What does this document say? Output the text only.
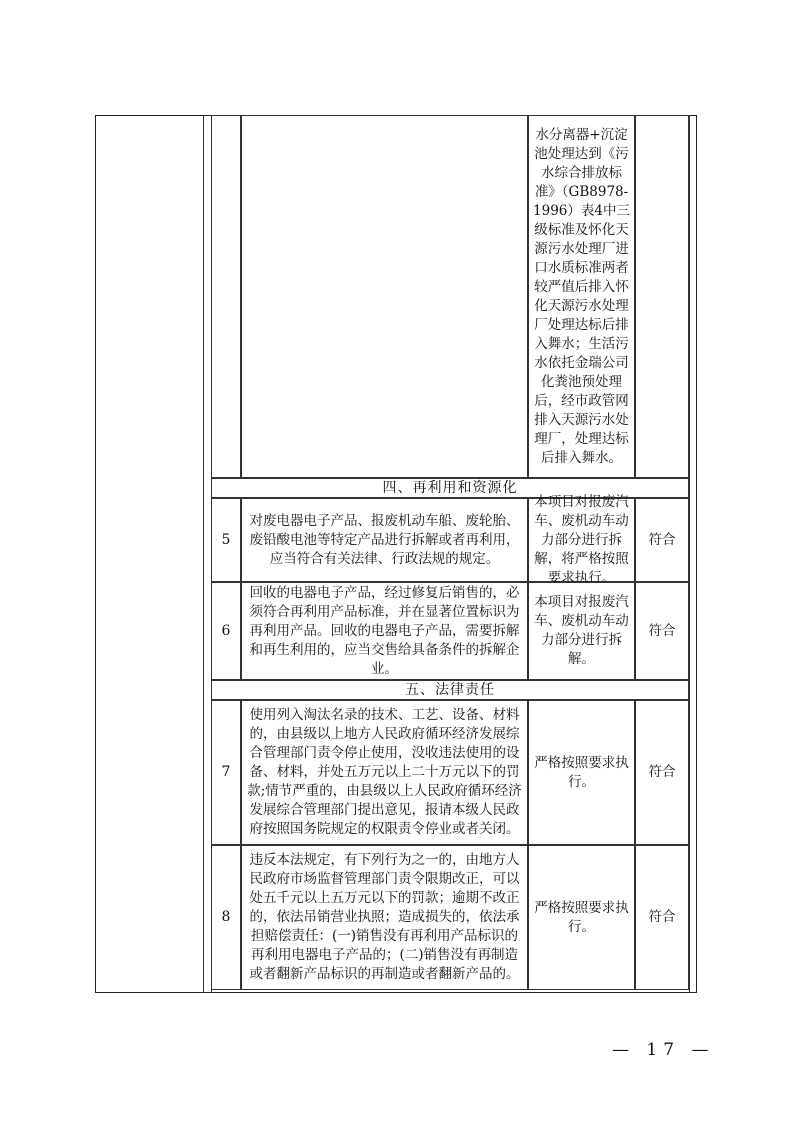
水分离器+沉淀池处理达到《污水综合排放标准》（GB8978-1996）表4中三级标准及怀化天源污水处理厂进口水质标准两者较严值后排入怀化天源污水处理厂处理达标后排入舞水；生活污水依托金瑞公司化粪池预处理后，经市政管网排入天源污水处理厂，处理达标后排入舞水。
四、再利用和资源化
5
对废电器电子产品、报废机动车船、废轮胎、废铅酸电池等特定产品进行拆解或者再利用，应当符合有关法律、行政法规的规定。
本项目对报废汽车、废机动车动力部分进行拆解，将严格按照要求执行。
符合
6
回收的电器电子产品，经过修复后销售的，必须符合再利用产品标准，并在显著位置标识为再利用产品。回收的电器电子产品，需要拆解和再生利用的，应当交售给具备条件的拆解企业。
本项目对报废汽车、废机动车动力部分进行拆解。
符合
五、法律责任
7
使用列入淘汰名录的技术、工艺、设备、材料的，由县级以上地方人民政府循环经济发展综合管理部门责令停止使用，没收违法使用的设备、材料，并处五万元以上二十万元以下的罚款;情节严重的，由县级以上人民政府循环经济发展综合管理部门提出意见，报请本级人民政府按照国务院规定的权限责令停业或者关闭。
严格按照要求执行。
符合
8
违反本法规定，有下列行为之一的，由地方人民政府市场监督管理部门责令限期改正，可以处五千元以上五万元以下的罚款；逾期不改正的，依法吊销营业执照；造成损失的，依法承担赔偿责任：(一)销售没有再利用产品标识的再利用电器电子产品的；(二)销售没有再制造或者翻新产品标识的再制造或者翻新产品的。
严格按照要求执行。
符合
— 17 —
